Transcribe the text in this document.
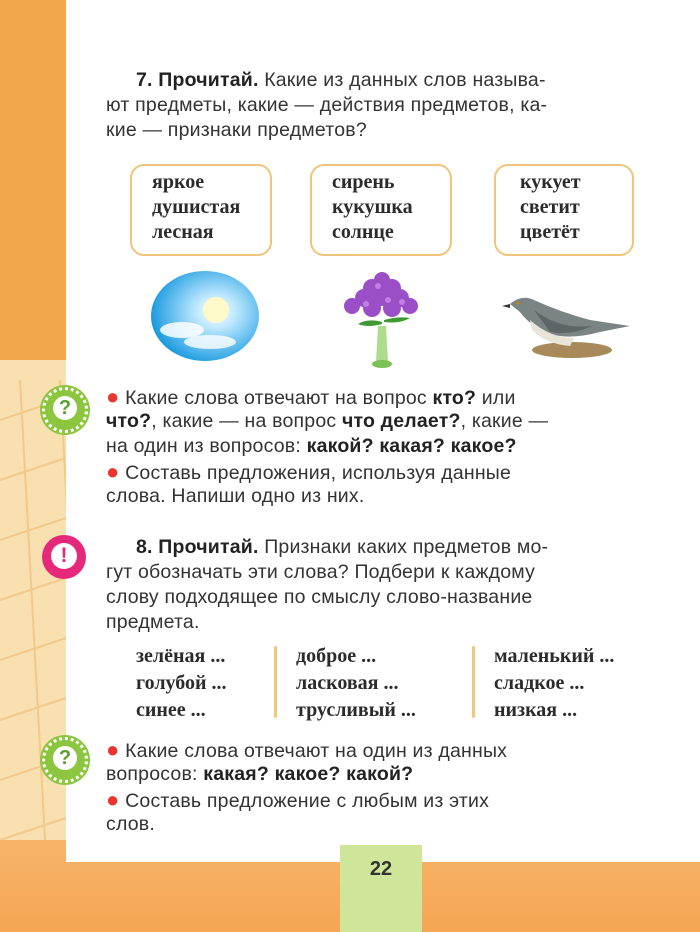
7. Прочитай. Какие из данных слов называ-
ют предметы, какие — действия предметов, ка-
кие — признаки предметов?
яркое
душистая
лесная
сирень
кукушка
солнце
кукует
светит
цветёт
? ● Какие слова отвечают на вопрос кто? или
что?, какие — на вопрос что делает?, какие —
на один из вопросов: какой? какая? какое?
● Составь предложения, используя данные
слова. Напиши одно из них.
!	8. Прочитай. Признаки каких предметов мо-
гут обозначать эти слова? Подбери к каждому
слову подходящее по смыслу слово-название
предмета.
зелёная ...
голубой ...
синее ...
доброе ...
ласковая ...
трусливый ...
маленький ...
сладкое ...
низкая ...
? ● Какие слова отвечают на один из данных
вопросов: какая? какое? какой?
● Составь предложение с любым из этих
слов.
22
